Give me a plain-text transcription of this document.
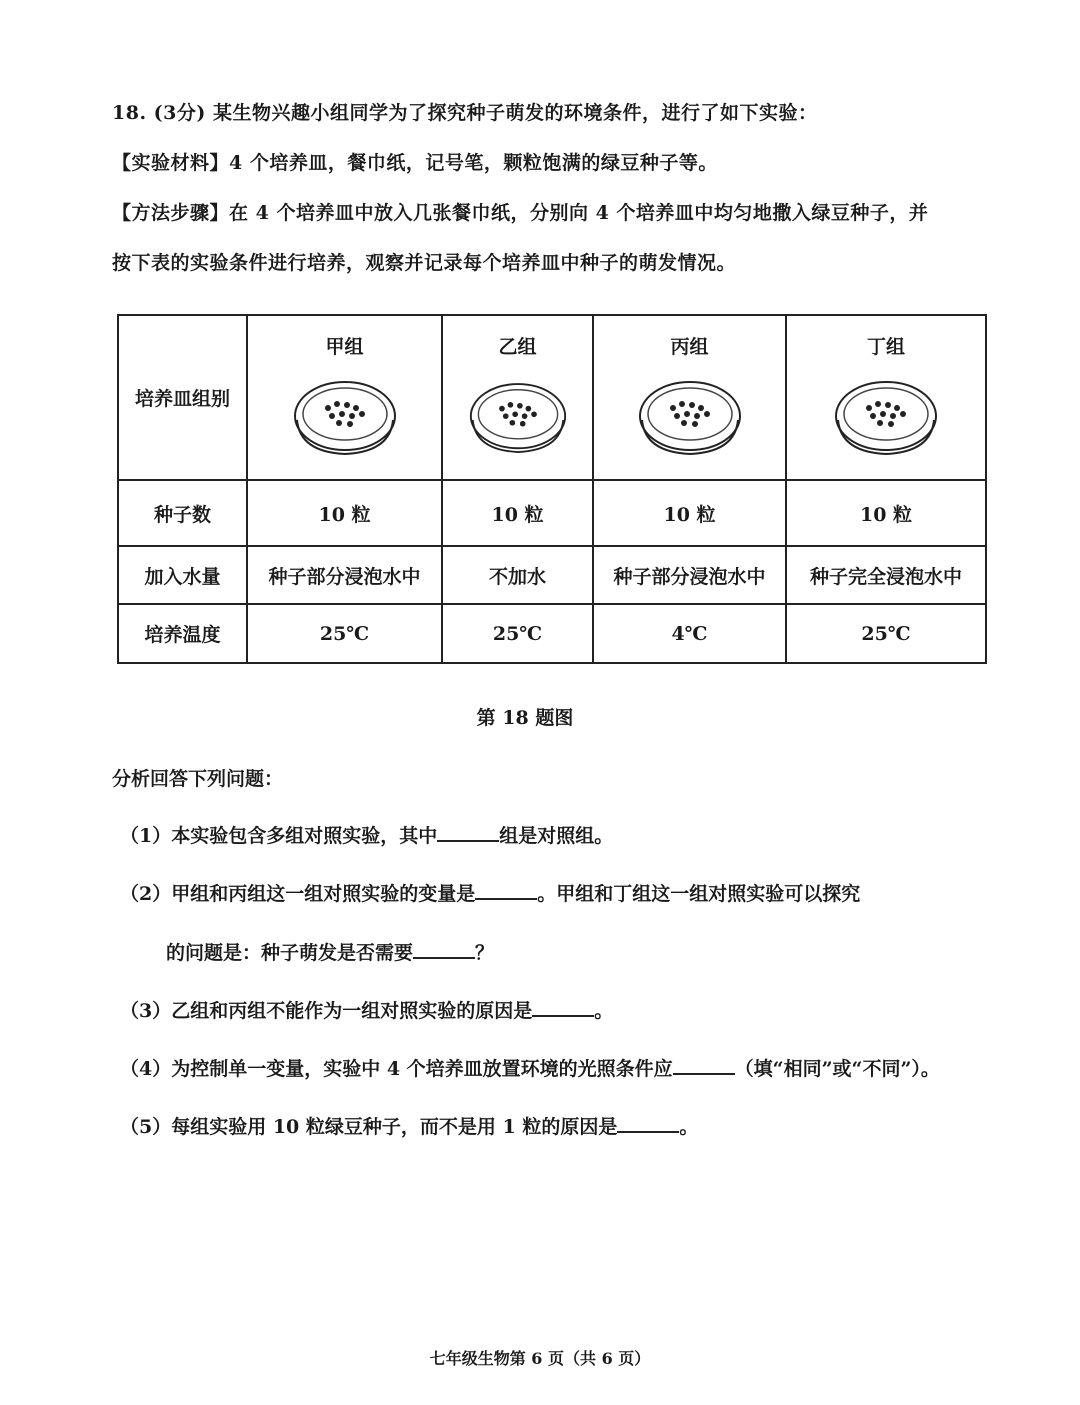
18. (3分) 某生物兴趣小组同学为了探究种子萌发的环境条件，进行了如下实验：
【实验材料】4 个培养皿，餐巾纸，记号笔，颗粒饱满的绿豆种子等。
【方法步骤】在 4 个培养皿中放入几张餐巾纸，分别向 4 个培养皿中均匀地撒入绿豆种子，并
按下表的实验条件进行培养，观察并记录每个培养皿中种子的萌发情况。
培养皿组别	甲组	乙组	丙组	丁组

种子数	10 粒	10 粒	10 粒	10 粒
加入水量	种子部分浸泡水中	不加水	种子部分浸泡水中	种子完全浸泡水中
培养温度	25℃	25℃	4℃	25℃
第 18 题图
分析回答下列问题：
（1）本实验包含多组对照实验，其中	组是对照组。
（2）甲组和丙组这一组对照实验的变量是	。甲组和丁组这一组对照实验可以探究
的问题是：种子萌发是否需要	？
（3）乙组和丙组不能作为一组对照实验的原因是	。
（4）为控制单一变量，实验中 4 个培养皿放置环境的光照条件应	（填“相同”或“不同”）。
（5）每组实验用 10 粒绿豆种子，而不是用 1 粒的原因是	。
七年级生物第 6 页（共 6 页）
